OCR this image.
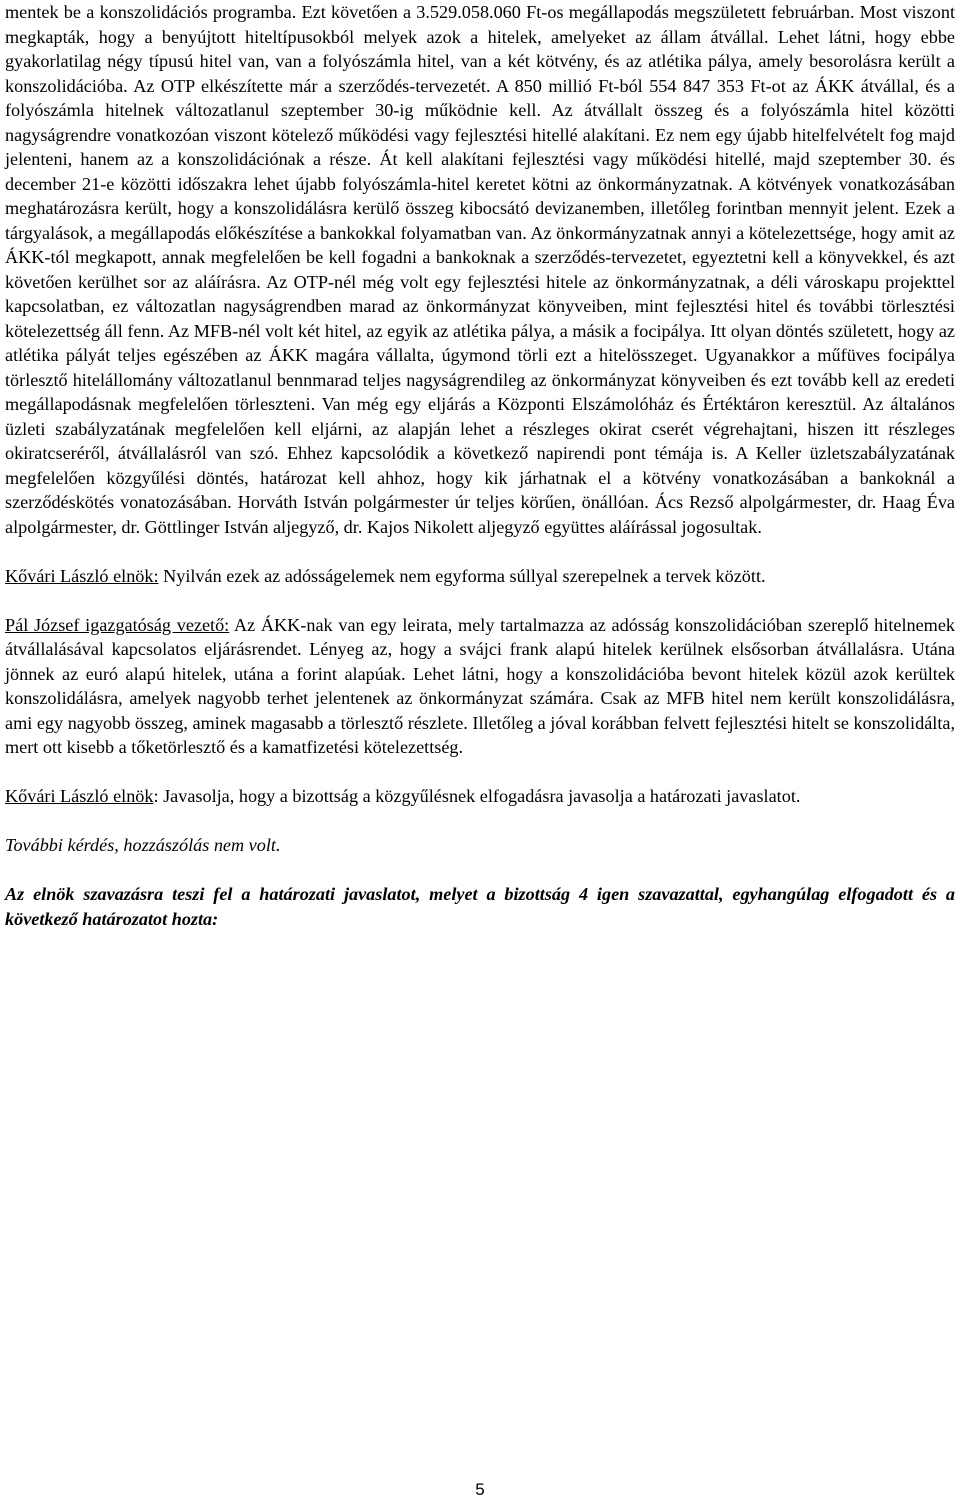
mentek be a konszolidációs programba. Ezt követően a 3.529.058.060 Ft-os megállapodás megszületett februárban. Most viszont megkapták, hogy a benyújtott hiteltípusokból melyek azok a hitelek, amelyeket az állam átvállal. Lehet látni, hogy ebbe gyakorlatilag négy típusú hitel van, van a folyószámla hitel, van a két kötvény, és az atlétika pálya, amely besorolásra került a konszolidációba. Az OTP elkészítette már a szerződés-tervezetét. A 850 millió Ft-ból 554 847 353 Ft-ot az ÁKK átvállal, és a folyószámla hitelnek változatlanul szeptember 30-ig működnie kell. Az átvállalt összeg és a folyószámla hitel közötti nagyságrendre vonatkozóan viszont kötelező működési vagy fejlesztési hitellé alakítani. Ez nem egy újabb hitelfelvételt fog majd jelenteni, hanem az a konszolidációnak a része. Át kell alakítani fejlesztési vagy működési hitellé, majd szeptember 30. és december 21-e közötti időszakra lehet újabb folyószámla-hitel keretet kötni az önkormányzatnak. A kötvények vonatkozásában meghatározásra került, hogy a konszolidálásra kerülő összeg kibocsátó devizanemben, illetőleg forintban mennyit jelent. Ezek a tárgyalások, a megállapodás előkészítése a bankokkal folyamatban van. Az önkormányzatnak annyi a kötelezettsége, hogy amit az ÁKK-tól megkapott, annak megfelelően be kell fogadni a bankoknak a szerződés-tervezetet, egyeztetni kell a könyvekkel, és azt követően kerülhet sor az aláírásra. Az OTP-nél még volt egy fejlesztési hitele az önkormányzatnak, a déli városkapu projekttel kapcsolatban, ez változatlan nagyságrendben marad az önkormányzat könyveiben, mint fejlesztési hitel és további törlesztési kötelezettség áll fenn. Az MFB-nél volt két hitel, az egyik az atlétika pálya, a másik a focipálya. Itt olyan döntés született, hogy az atlétika pályát teljes egészében az ÁKK magára vállalta, úgymond törli ezt a hitelösszeget. Ugyanakkor a műfüves focipálya törlesztő hitelállomány változatlanul bennmarad teljes nagyságrendileg az önkormányzat könyveiben és ezt tovább kell az eredeti megállapodásnak megfelelően törleszteni. Van még egy eljárás a Központi Elszámolóház és Értéktáron keresztül. Az általános üzleti szabályzatának megfelelően kell eljárni, az alapján lehet a részleges okirat cserét végrehajtani, hiszen itt részleges okiratcseréről, átvállalásról van szó. Ehhez kapcsolódik a következő napirendi pont témája is. A Keller üzletszabályzatának megfelelően közgyűlési döntés, határozat kell ahhoz, hogy kik járhatnak el a kötvény vonatkozásában a bankoknál a szerződéskötés vonatozásában. Horváth István polgármester úr teljes körűen, önállóan. Ács Rezső alpolgármester, dr. Haag Éva alpolgármester, dr. Göttlinger István aljegyző, dr. Kajos Nikolett aljegyző együttes aláírással jogosultak.

Kővári László elnök: Nyilván ezek az adósságelemek nem egyforma súllyal szerepelnek a tervek között.

Pál József igazgatóság vezető: Az ÁKK-nak van egy leirata, mely tartalmazza az adósság konszolidációban szereplő hitelnemek átvállalásával kapcsolatos eljárásrendet. Lényeg az, hogy a svájci frank alapú hitelek kerülnek elsősorban átvállalásra. Utána jönnek az euró alapú hitelek, utána a forint alapúak. Lehet látni, hogy a konszolidációba bevont hitelek közül azok kerültek konszolidálásra, amelyek nagyobb terhet jelentenek az önkormányzat számára. Csak az MFB hitel nem került konszolidálásra, ami egy nagyobb összeg, aminek magasabb a törlesztő részlete. Illetőleg a jóval korábban felvett fejlesztési hitelt se konszolidálta, mert ott kisebb a tőketörlesztő és a kamatfizetési kötelezettség.

Kővári László elnök: Javasolja, hogy a bizottság a közgyűlésnek elfogadásra javasolja a határozati javaslatot.

További kérdés, hozzászólás nem volt.

Az elnök szavazásra teszi fel a határozati javaslatot, melyet a bizottság 4 igen szavazattal, egyhangúlag elfogadott és a következő határozatot hozta:

5
